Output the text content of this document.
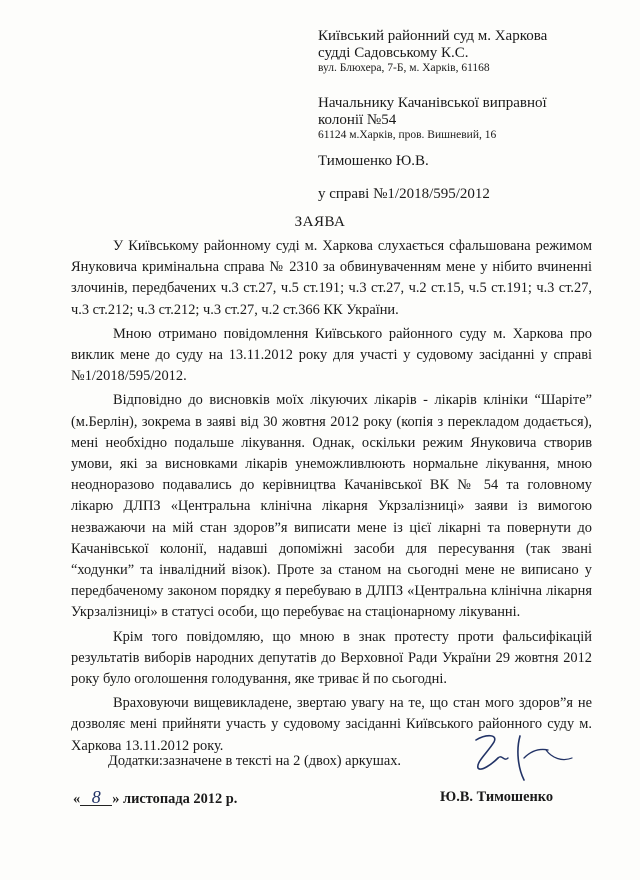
Київський районний суд м. Харкова
судді Садовському К.С.
вул. Блюхера, 7-Б, м. Харків, 61168
Начальнику Качанівської виправної
колонії №54
61124 м.Харків, пров. Вишневий, 16
Тимошенко Ю.В.
у справі №1/2018/595/2012
ЗАЯВА

У Київському районному суді м. Харкова слухається сфальшована режимом Януковича кримінальна справа № 2310 за обвинуваченням мене у нібито вчиненні злочинів, передбачених ч.3 ст.27, ч.5 ст.191; ч.3 ст.27, ч.2 ст.15, ч.5 ст.191; ч.3 ст.27, ч.3 ст.212; ч.3 ст.212; ч.3 ст.27, ч.2 ст.366 КК України.

Мною отримано повідомлення Київського районного суду м. Харкова про виклик мене до суду на 13.11.2012 року для участі у судовому засіданні у справі №1/2018/595/2012.

Відповідно до висновків моїх лікуючих лікарів - лікарів клініки “Шаріте” (м.Берлін), зокрема в заяві від 30 жовтня 2012 року (копія з перекладом додається), мені необхідно подальше лікування. Однак, оскільки режим Януковича створив умови, які за висновками лікарів унеможливлюють нормальне лікування, мною неодноразово подавались до керівництва Качанівської ВК № 54 та головному лікарю ДЛПЗ «Центральна клінічна лікарня Укрзалізниці» заяви із вимогою незважаючи на мій стан здоров”я виписати мене із цієї лікарні та повернути до Качанівської колонії, надавші допоміжні засоби для пересування (так звані “ходунки” та інвалідний візок). Проте за станом на сьогодні мене не виписано у передбаченому законом порядку я перебуваю в ДЛПЗ «Центральна клінічна лікарня Укрзалізниці» в статусі особи, що перебуває на стаціонарному лікуванні.

Крім того повідомляю, що мною в знак протесту проти фальсифікацій результатів виборів народних депутатів до Верховної Ради України 29 жовтня 2012 року було оголошення голодування, яке триває й по сьогодні.

Враховуючи вищевикладене, звертаю увагу на те, що стан мого здоров”я не дозволяє мені прийняти участь у судовому засіданні Київського районного суду м. Харкова 13.11.2012 року.

Додатки:зазначене в тексті на 2 (двох) аркушах.
« 8 » листопада 2012 р.	Ю.В. Тимошенко
